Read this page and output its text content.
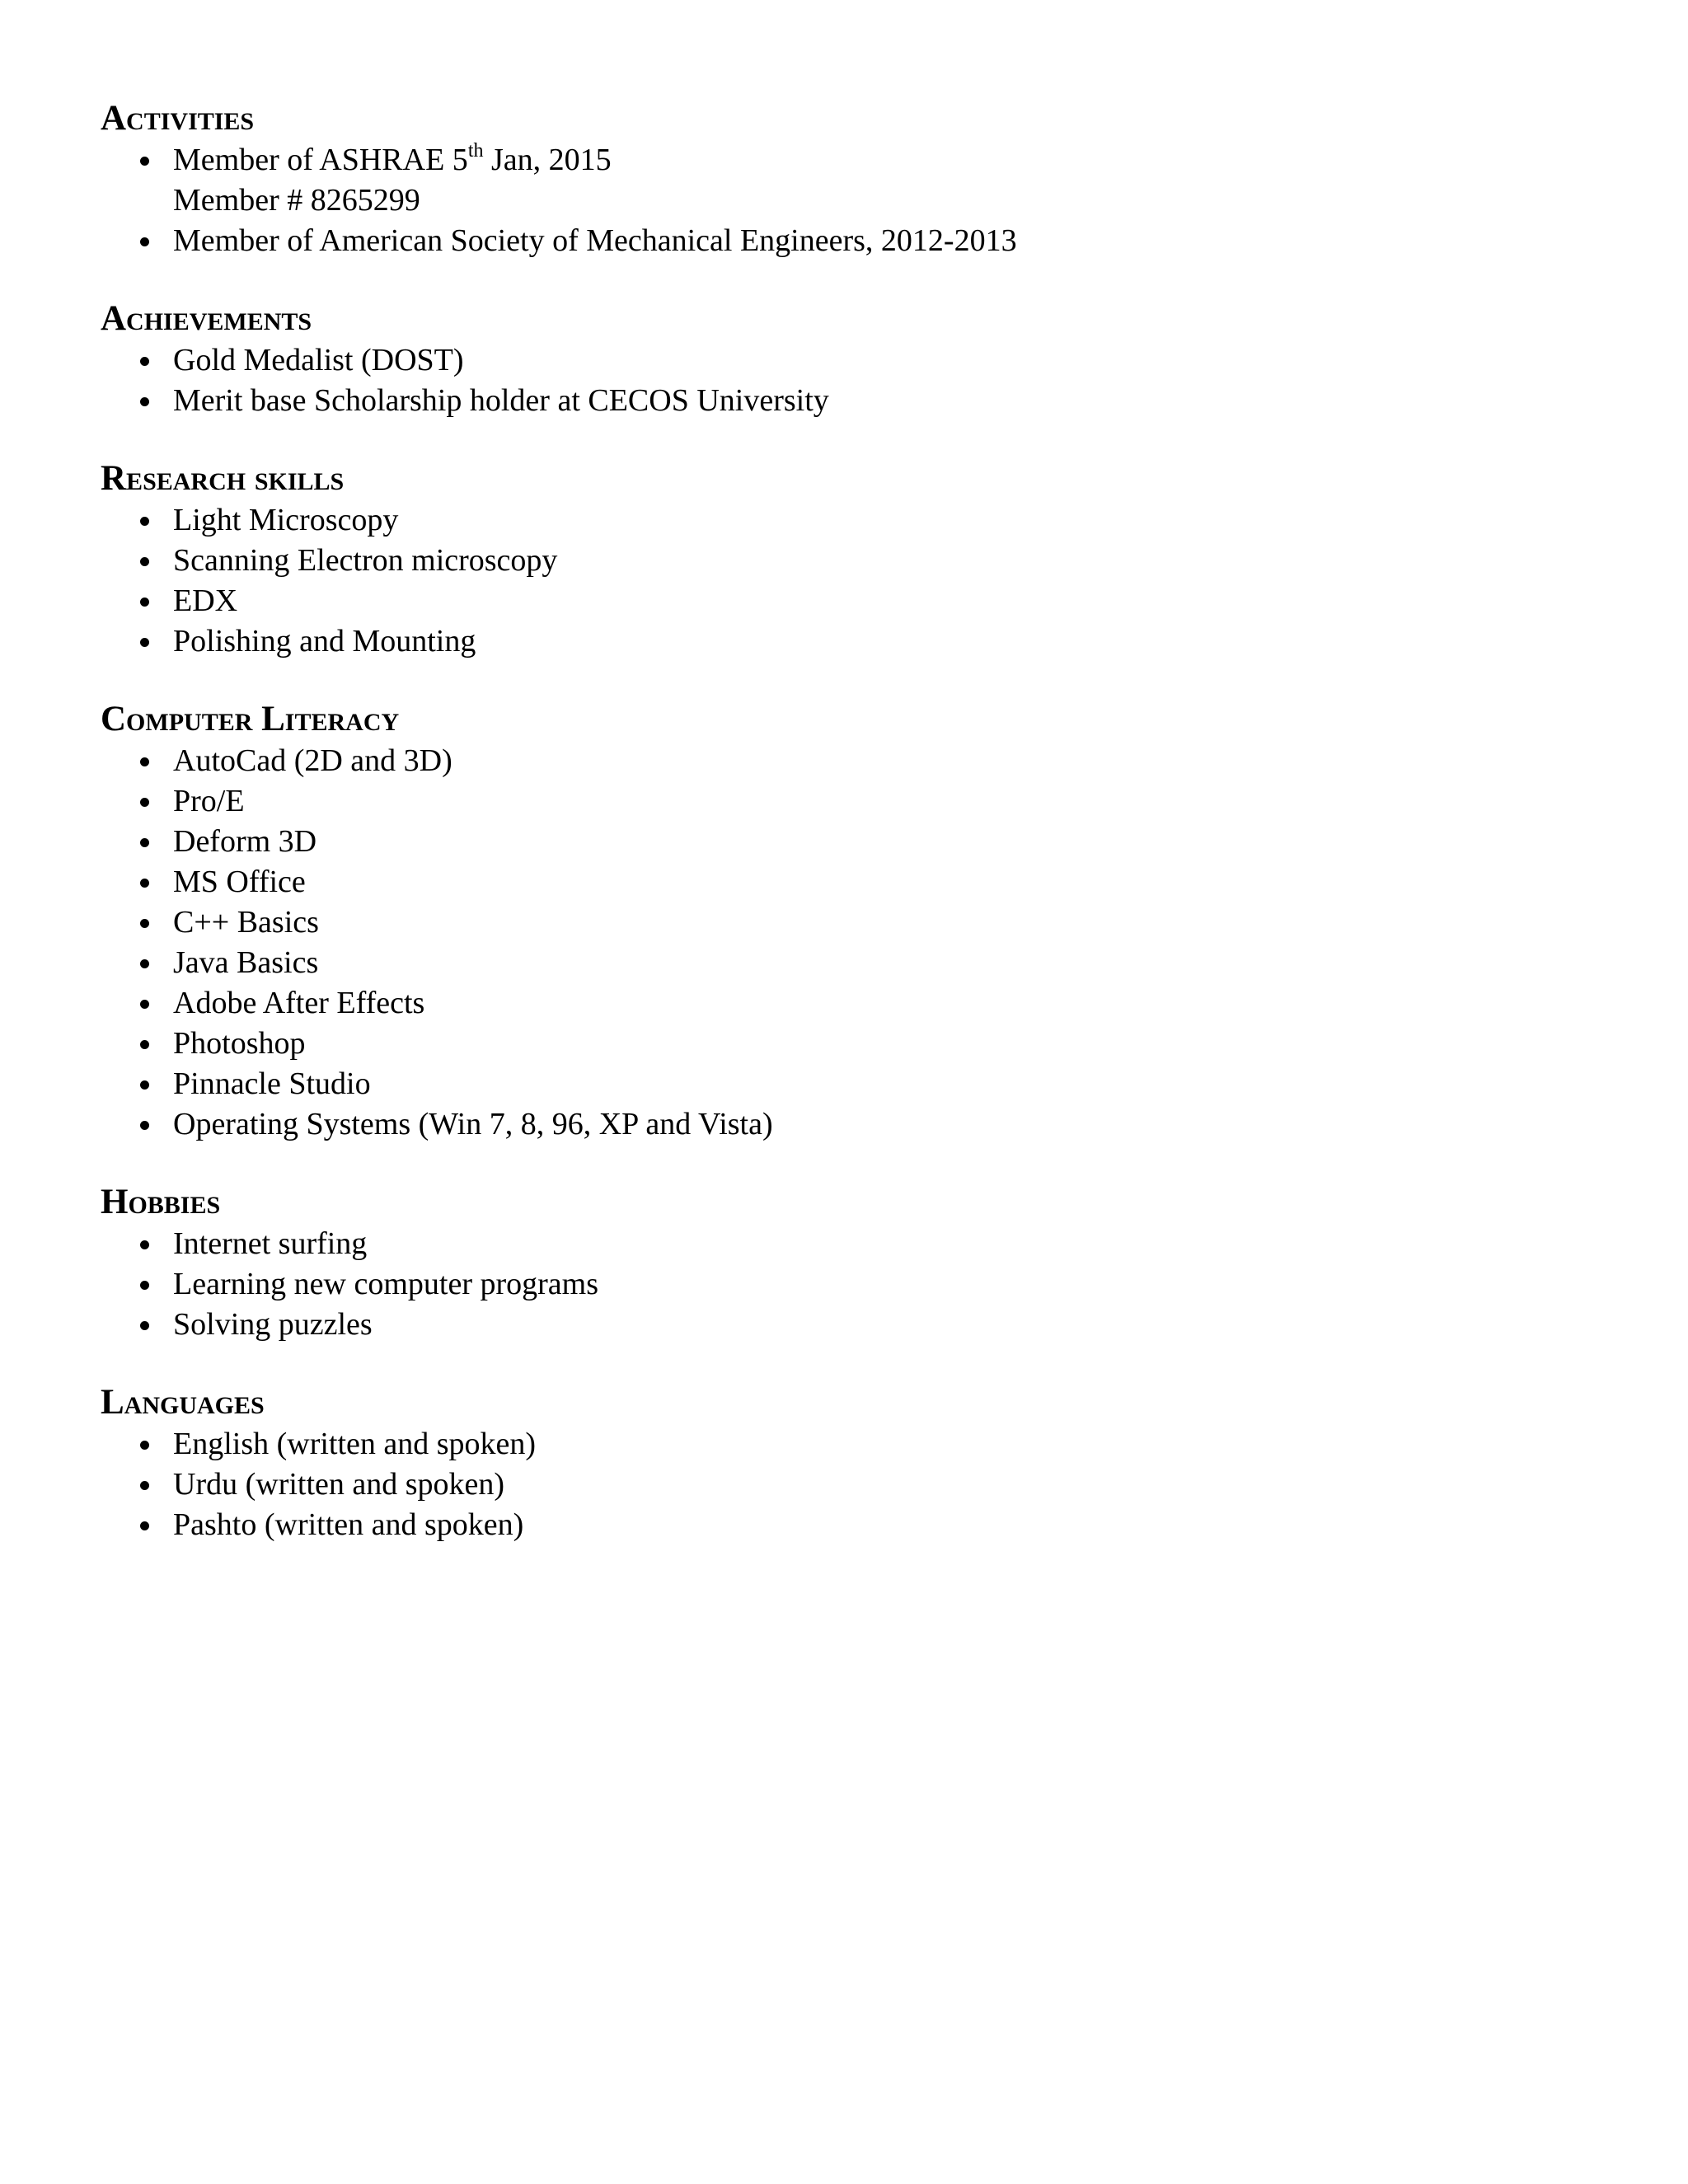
Activities
Member of ASHRAE 5th Jan, 2015
Member # 8265299
Member of American Society of Mechanical Engineers, 2012-2013
Achievements
Gold Medalist (DOST)
Merit base Scholarship holder at CECOS University
Research skills
Light Microscopy
Scanning Electron microscopy
EDX
Polishing and Mounting
Computer Literacy
AutoCad (2D and 3D)
Pro/E
Deform 3D
MS Office
C++ Basics
Java Basics
Adobe After Effects
Photoshop
Pinnacle Studio
Operating Systems (Win 7, 8, 96, XP and Vista)
Hobbies
Internet surfing
Learning new computer programs
Solving puzzles
Languages
English (written and spoken)
Urdu (written and spoken)
Pashto (written and spoken)
